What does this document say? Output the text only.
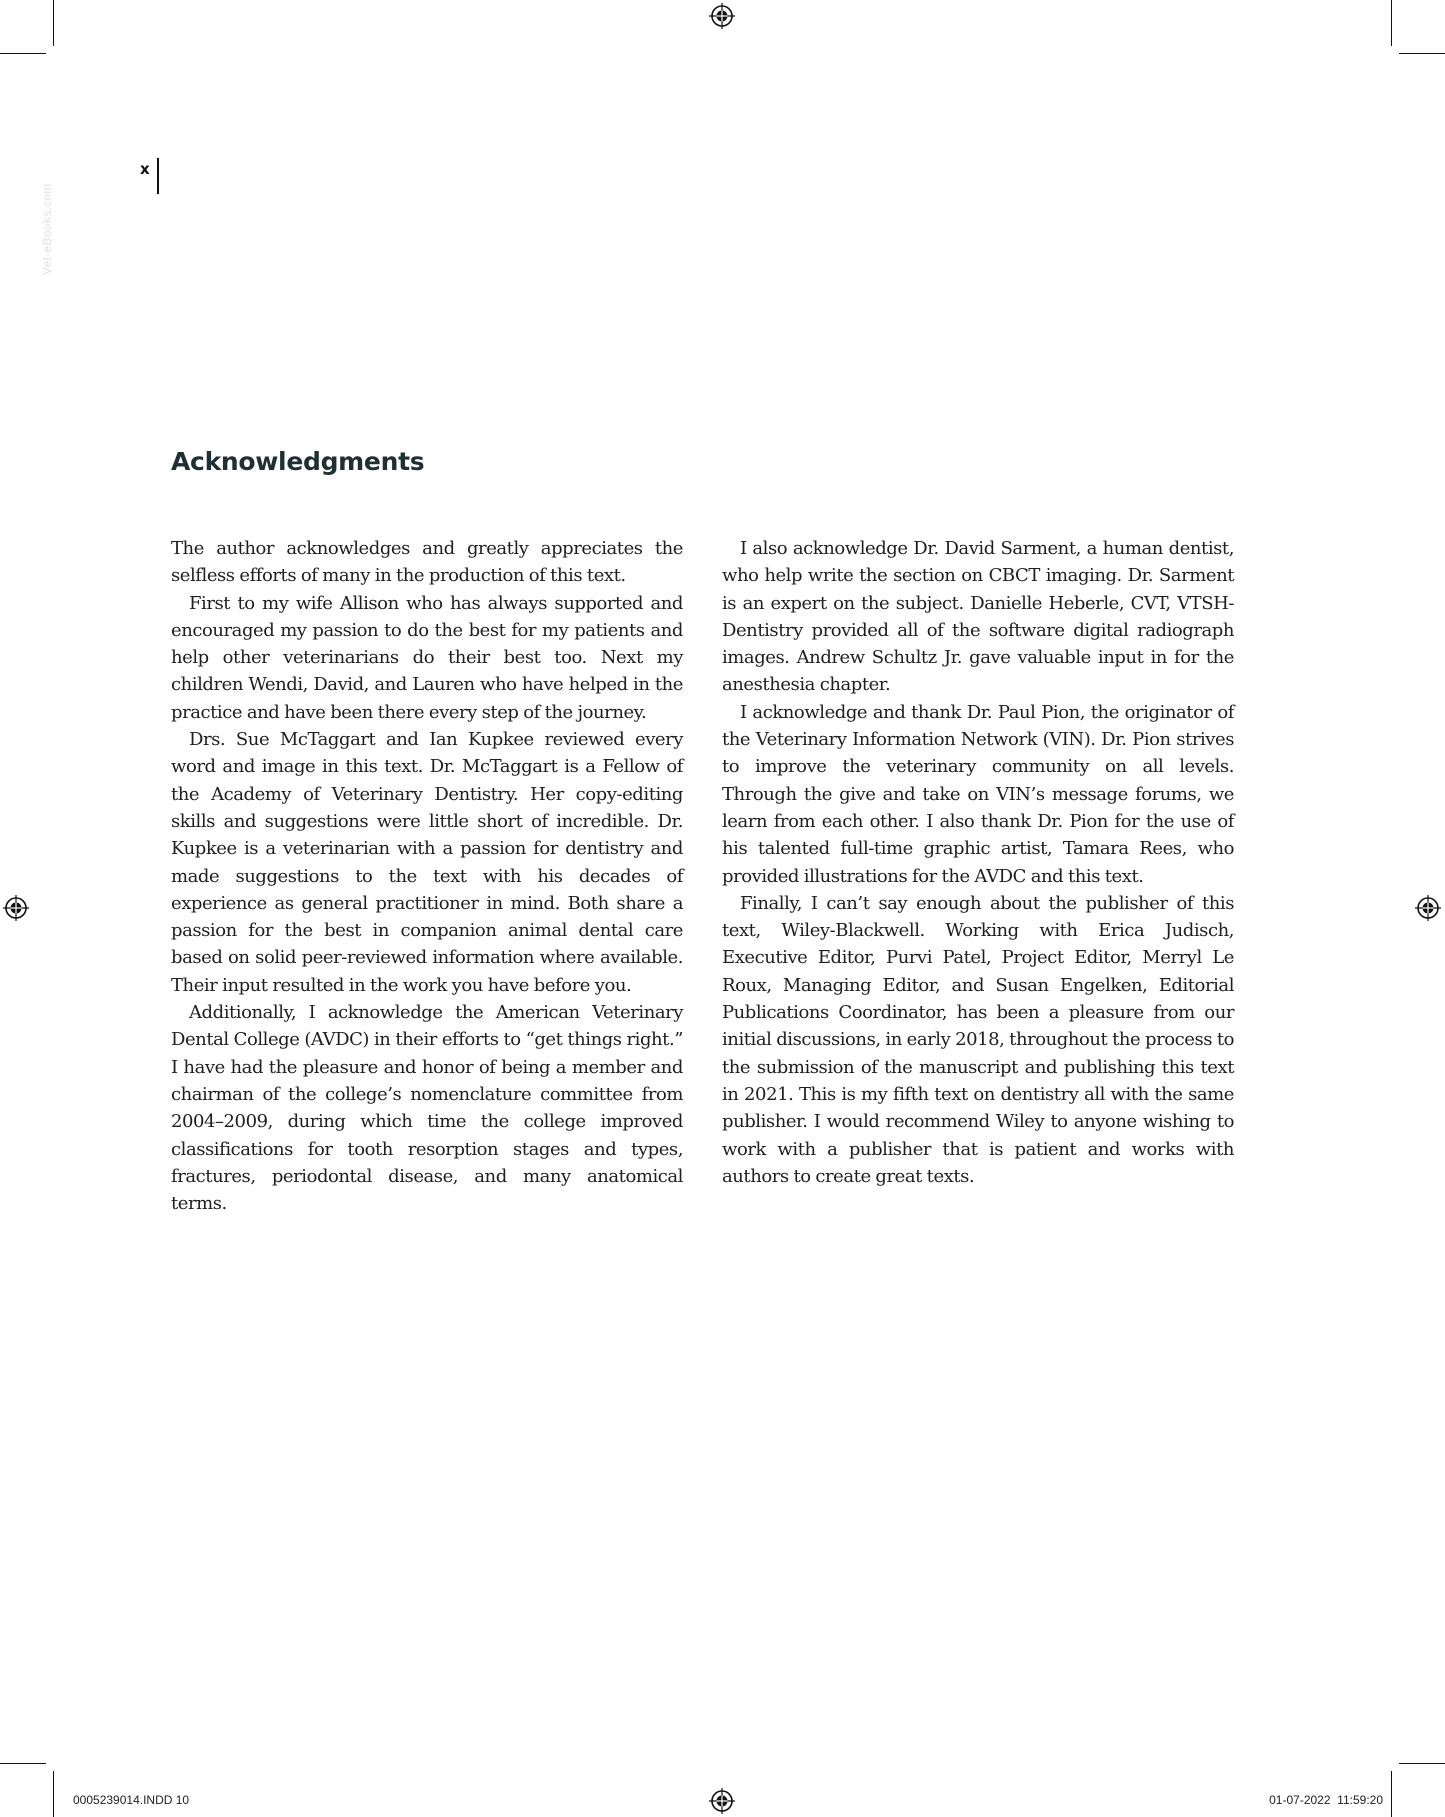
Vet-eBooks.com
x
Acknowledgments

The author acknowledges and greatly appreciates the selfless efforts of many in the production of this text.

First to my wife Allison who has always supported and encouraged my passion to do the best for my patients and help other veterinarians do their best too. Next my children Wendi, David, and Lauren who have helped in the practice and have been there every step of the journey.

Drs. Sue McTaggart and Ian Kupkee reviewed every word and image in this text. Dr. McTaggart is a Fellow of the Academy of Veterinary Dentistry. Her copy-editing skills and suggestions were little short of incredible. Dr. Kupkee is a veterinarian with a passion for dentistry and made suggestions to the text with his decades of experience as general practitioner in mind. Both share a passion for the best in companion animal dental care based on solid peer-reviewed information where available. Their input resulted in the work you have before you.

Additionally, I acknowledge the American Veterinary Dental College (AVDC) in their efforts to “get things right.” I have had the pleasure and honor of being a member and chairman of the college’s nomenclature committee from 2004–2009, during which time the college improved classifications for tooth resorption stages and types, fractures, periodontal disease, and many anatomical terms.

I also acknowledge Dr. David Sarment, a human dentist, who help write the section on CBCT imaging. Dr. Sarment is an expert on the subject. Danielle Heberle, CVT, VTSH-Dentistry provided all of the software digital radiograph images. Andrew Schultz Jr. gave valuable input in for the anesthesia chapter.

I acknowledge and thank Dr. Paul Pion, the originator of the Veterinary Information Network (VIN). Dr. Pion strives to improve the veterinary community on all levels. Through the give and take on VIN’s message forums, we learn from each other. I also thank Dr. Pion for the use of his talented full-time graphic artist, Tamara Rees, who provided illustrations for the AVDC and this text.

Finally, I can’t say enough about the publisher of this text, Wiley-Blackwell. Working with Erica Judisch, Executive Editor, Purvi Patel, Project Editor, Merryl Le Roux, Managing Editor, and Susan Engelken, Editorial Publications Coordinator, has been a pleasure from our initial discussions, in early 2018, throughout the process to the submission of the manuscript and publishing this text in 2021. This is my fifth text on dentistry all with the same publisher. I would recommend Wiley to anyone wishing to work with a publisher that is patient and works with authors to create great texts.

0005239014.INDD 10	01-07-2022  11:59:20
